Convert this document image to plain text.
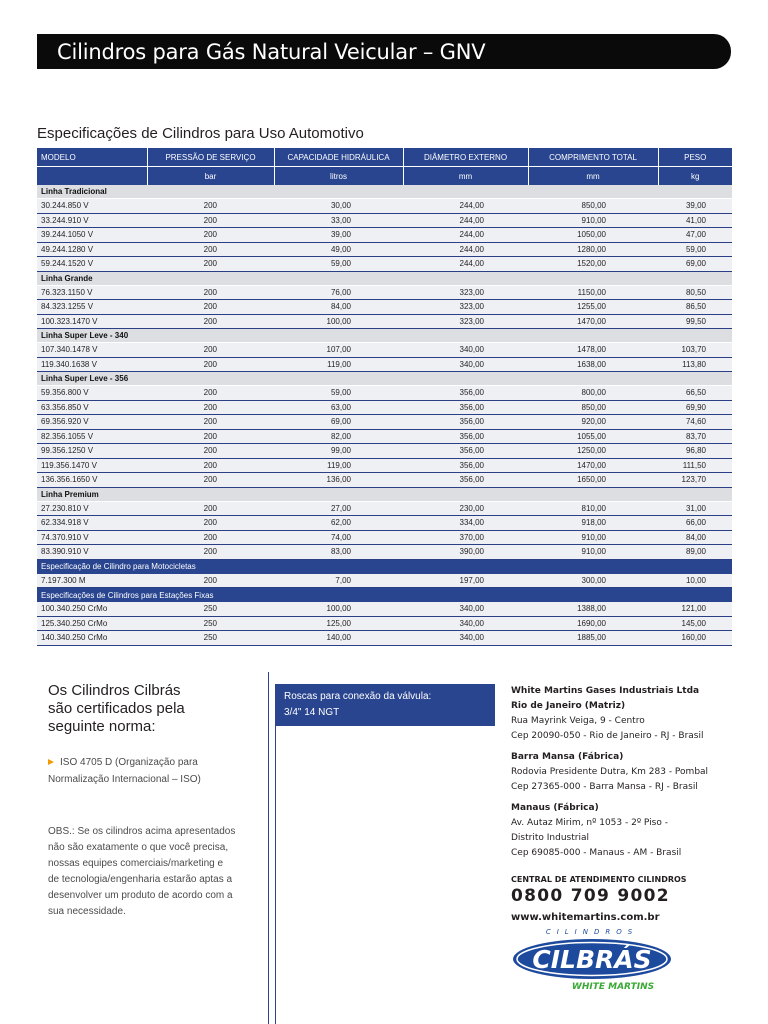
Cilindros para Gás Natural Veicular – GNV
Especificações de Cilindros para Uso Automotivo
MODELO	PRESSÃO DE SERVIÇO	CAPACIDADE HIDRÁULICA	DIÂMETRO EXTERNO	COMPRIMENTO TOTAL	PESO
	bar	litros	mm	mm	kg
Linha Tradicional					
30.244.850 V	200	30,00	244,00	850,00	39,00
33.244.910 V	200	33,00	244,00	910,00	41,00
39.244.1050 V	200	39,00	244,00	1050,00	47,00
49.244.1280 V	200	49,00	244,00	1280,00	59,00
59.244.1520 V	200	59,00	244,00	1520,00	69,00
Linha Grande					
76.323.1150 V	200	76,00	323,00	1150,00	80,50
84.323.1255 V	200	84,00	323,00	1255,00	86,50
100.323.1470 V	200	100,00	323,00	1470,00	99,50
Linha Super Leve - 340					
107.340.1478 V	200	107,00	340,00	1478,00	103,70
119.340.1638 V	200	119,00	340,00	1638,00	113,80
Linha Super Leve - 356					
59.356.800 V	200	59,00	356,00	800,00	66,50
63.356.850 V	200	63,00	356,00	850,00	69,90
69.356.920 V	200	69,00	356,00	920,00	74,60
82.356.1055 V	200	82,00	356,00	1055,00	83,70
99.356.1250 V	200	99,00	356,00	1250,00	96,80
119.356.1470 V	200	119,00	356,00	1470,00	111,50
136.356.1650 V	200	136,00	356,00	1650,00	123,70
Linha Premium					
27.230.810 V	200	27,00	230,00	810,00	31,00
62.334.918 V	200	62,00	334,00	918,00	66,00
74.370.910 V	200	74,00	370,00	910,00	84,00
83.390.910 V	200	83,00	390,00	910,00	89,00
Especificação de Cilindro para Motocicletas					
7.197.300 M	200	7,00	197,00	300,00	10,00
Especificações de Cilindros para Estações Fixas					
100.340.250 CrMo	250	100,00	340,00	1388,00	121,00
125.340.250 CrMo	250	125,00	340,00	1690,00	145,00
140.340.250 CrMo	250	140,00	340,00	1885,00	160,00
Os Cilindros Cilbrás
são certificados pela
seguinte norma:
ISO 4705 D (Organização para
Normalização Internacional – ISO)
OBS.: Se os cilindros acima apresentados
não são exatamente o que você precisa,
nossas equipes comerciais/marketing e
de tecnologia/engenharia estarão aptas a
desenvolver um produto de acordo com a
sua necessidade.
Roscas para conexão da válvula:
3/4" 14 NGT
White Martins Gases Industriais Ltda
Rio de Janeiro (Matriz)
Rua Mayrink Veiga, 9 - Centro
Cep 20090-050 - Rio de Janeiro - RJ - Brasil
Barra Mansa (Fábrica)
Rodovia Presidente Dutra, Km 283 - Pombal
Cep 27365-000 - Barra Mansa - RJ - Brasil
Manaus (Fábrica)
Av. Autaz Mirim, nº 1053 - 2º Piso -
Distrito Industrial
Cep 69085-000 - Manaus - AM - Brasil
CENTRAL DE ATENDIMENTO CILINDROS
0800 709 9002
www.whitemartins.com.br
CILINDROS
CILBRÁS
WHITE MARTINS
